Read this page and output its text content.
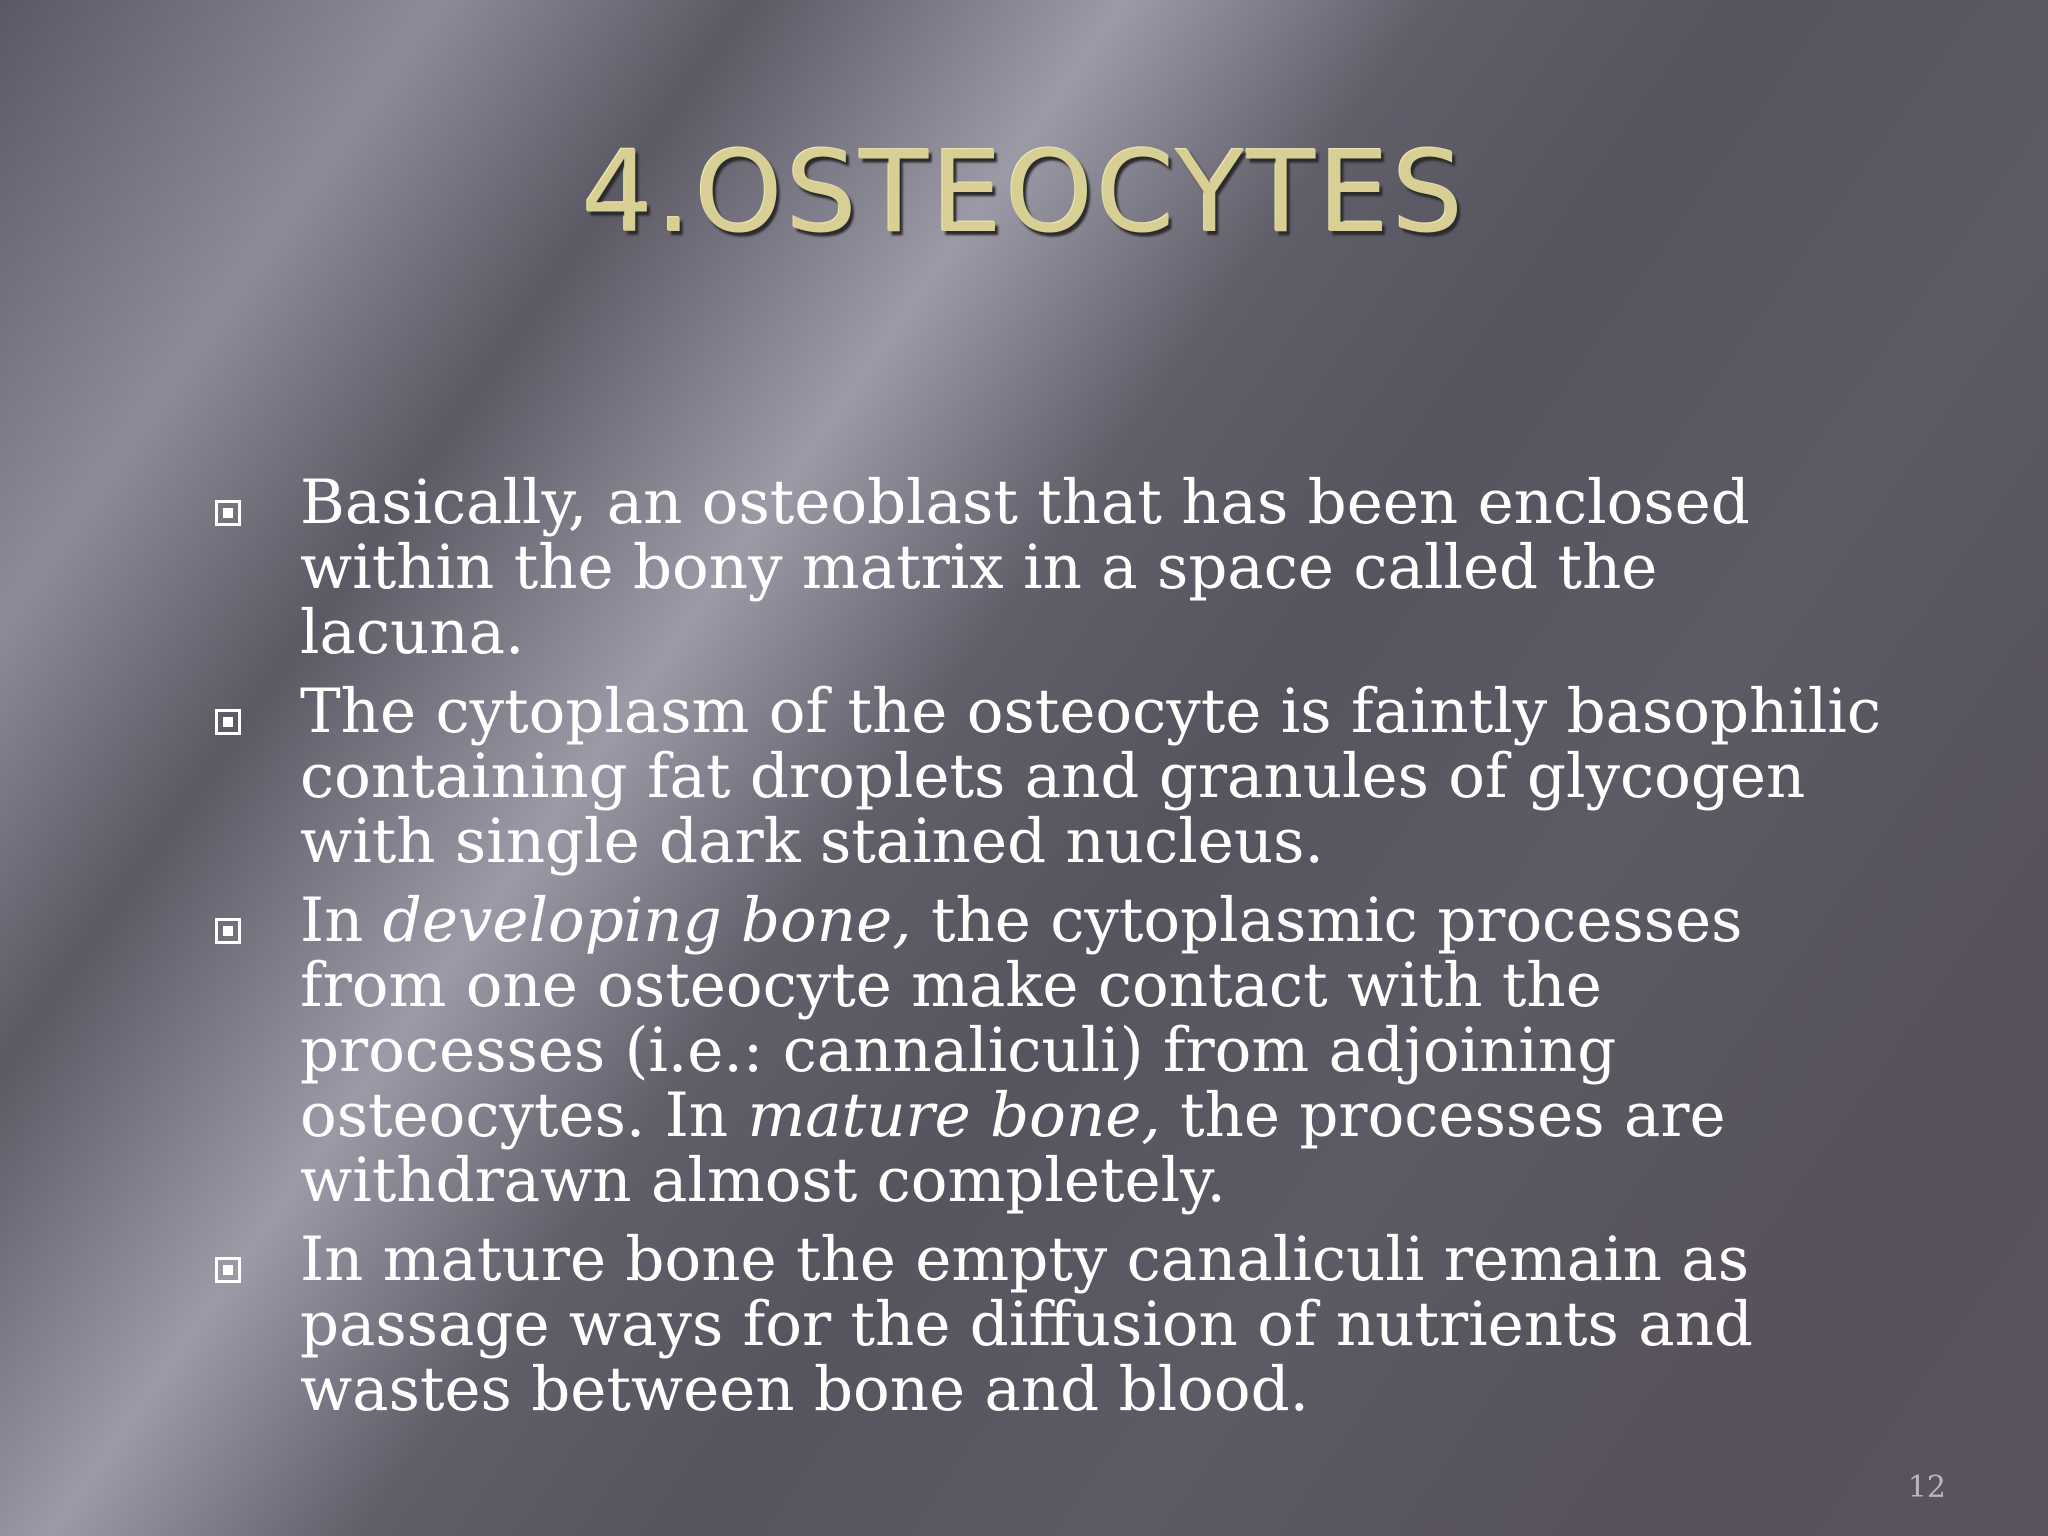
4.OSTEOCYTES
Basically, an osteoblast that has been enclosed within the bony matrix in a space called the lacuna.
The cytoplasm of the osteocyte is faintly basophilic containing fat droplets and granules of glycogen with single dark stained nucleus.
In developing bone, the cytoplasmic processes from one osteocyte make contact with the processes (i.e.: cannaliculi) from adjoining osteocytes. In mature bone, the processes are withdrawn almost completely.
In mature bone the empty canaliculi remain as passage ways for the diffusion of nutrients and wastes between bone and blood.
12
